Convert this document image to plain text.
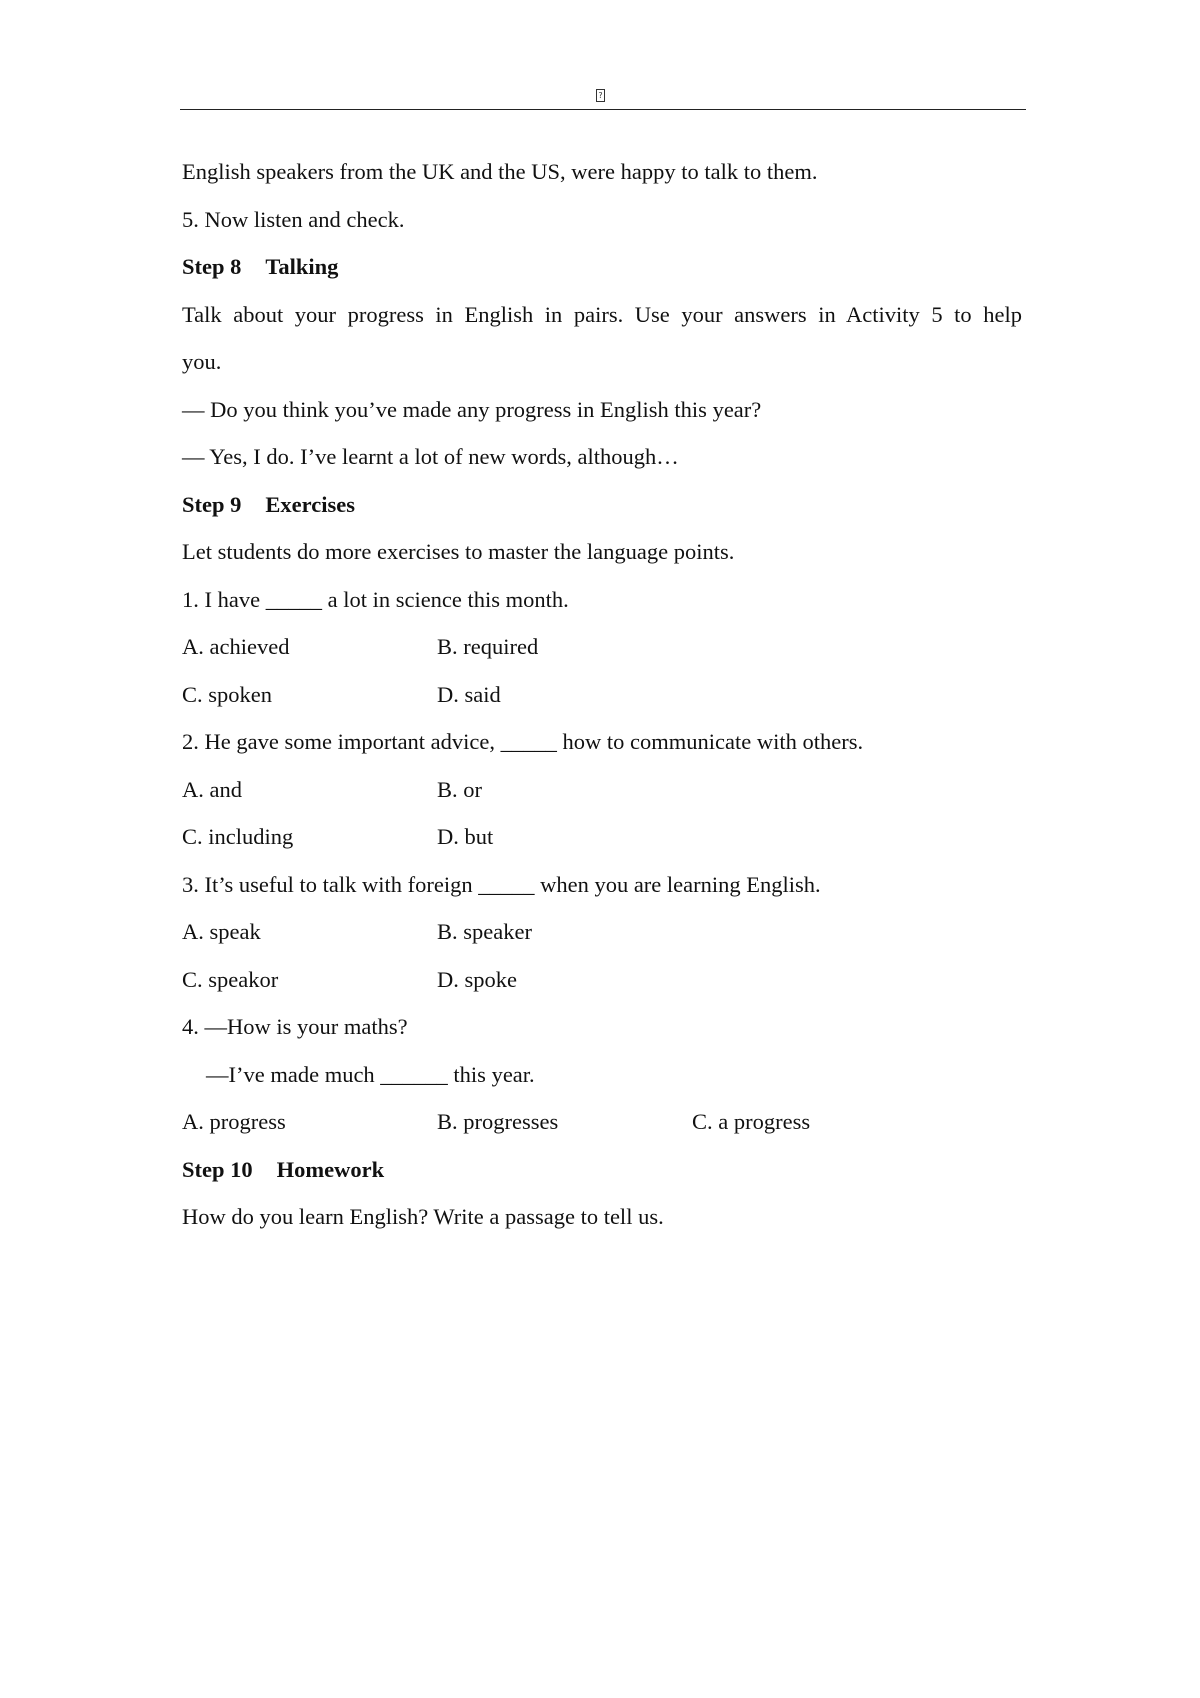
?
English speakers from the UK and the US, were happy to talk to them.
5. Now listen and check.
Step 8 Talking
Talk about your progress in English in pairs. Use your answers in Activity 5 to help
you.
— Do you think you’ve made any progress in English this year?
— Yes, I do. I’ve learnt a lot of new words, although…
Step 9 Exercises
Let students do more exercises to master the language points.
1. I have _____ a lot in science this month.
A. achieved	B. required
C. spoken	D. said
2. He gave some important advice, _____ how to communicate with others.
A. and	B. or
C. including	D. but
3. It’s useful to talk with foreign _____ when you are learning English.
A. speak	B. speaker
C. speakor	D. spoke
4. —How is your maths?
—I’ve made much ______ this year.
A. progress	B. progresses	C. a progress
Step 10 Homework
How do you learn English? Write a passage to tell us.
